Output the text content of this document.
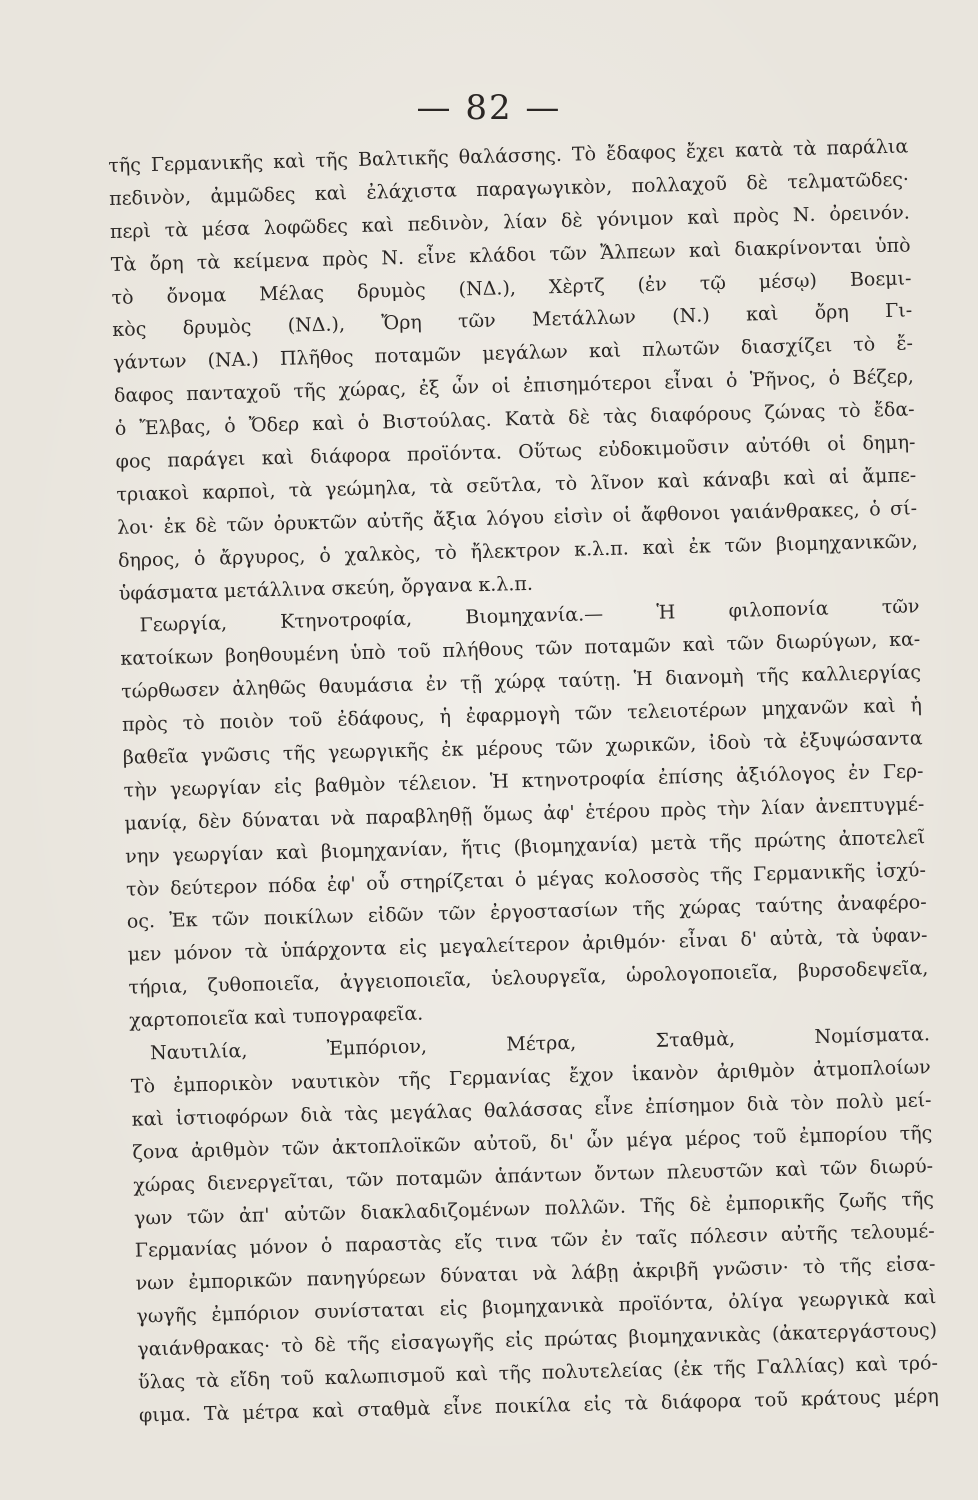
— 82 —
τῆς Γερμανικῆς καὶ τῆς Βαλτικῆς θαλάσσης. Τὸ ἔδαφος ἔχει κατὰ τὰ παράλια
πεδινὸν, ἀμμῶδες καὶ ἐλάχιστα παραγωγικὸν, πολλαχοῦ δὲ τελματῶδες·
περὶ τὰ μέσα λοφῶδες καὶ πεδινὸν, λίαν δὲ γόνιμον καὶ πρὸς Ν. ὀρεινόν.
Τὰ ὄρη τὰ κείμενα πρὸς Ν. εἶνε κλάδοι τῶν Ἄλπεων καὶ διακρίνονται ὑπὸ
τὸ ὄνομα Μέλας δρυμὸς (ΝΔ.), Χὲρτζ (ἐν τῷ μέσῳ) Βοεμι-
κὸς δρυμὸς (ΝΔ.), Ὄρη τῶν Μετάλλων (Ν.) καὶ ὄρη Γι-
γάντων (ΝΑ.) Πλῆθος ποταμῶν μεγάλων καὶ πλωτῶν διασχίζει τὸ ἔ-
δαφος πανταχοῦ τῆς χώρας, ἐξ ὧν οἱ ἐπισημότεροι εἶναι ὁ Ῥῆνος, ὁ Βέζερ,
ὁ Ἔλβας, ὁ Ὄδερ καὶ ὁ Βιστούλας. Κατὰ δὲ τὰς διαφόρους ζώνας τὸ ἔδα-
φος παράγει καὶ διάφορα προϊόντα. Οὕτως εὐδοκιμοῦσιν αὐτόθι οἱ δημη-
τριακοὶ καρποὶ, τὰ γεώμηλα, τὰ σεῦτλα, τὸ λῖνον καὶ κάναβι καὶ αἱ ἄμπε-
λοι· ἐκ δὲ τῶν ὀρυκτῶν αὐτῆς ἄξια λόγου εἰσὶν οἱ ἄφθονοι γαιάνθρακες, ὁ σί-
δηρος, ὁ ἄργυρος, ὁ χαλκὸς, τὸ ἤλεκτρον κ.λ.π. καὶ ἐκ τῶν βιομηχανικῶν,
ὑφάσματα μετάλλινα σκεύη, ὄργανα κ.λ.π.
Γεωργία, Κτηνοτροφία, Βιομηχανία.— Ἡ φιλοπονία τῶν
κατοίκων βοηθουμένη ὑπὸ τοῦ πλήθους τῶν ποταμῶν καὶ τῶν διωρύγων, κα-
τώρθωσεν ἀληθῶς θαυμάσια ἐν τῇ χώρᾳ ταύτῃ. Ἡ διανομὴ τῆς καλλιεργίας
πρὸς τὸ ποιὸν τοῦ ἐδάφους, ἡ ἐφαρμογὴ τῶν τελειοτέρων μηχανῶν καὶ ἡ
βαθεῖα γνῶσις τῆς γεωργικῆς ἐκ μέρους τῶν χωρικῶν, ἰδοὺ τὰ ἐξυψώσαντα
τὴν γεωργίαν εἰς βαθμὸν τέλειον. Ἡ κτηνοτροφία ἐπίσης ἀξιόλογος ἐν Γερ-
μανίᾳ, δὲν δύναται νὰ παραβληθῇ ὅμως ἀφ' ἑτέρου πρὸς τὴν λίαν ἀνεπτυγμέ-
νην γεωργίαν καὶ βιομηχανίαν, ἥτις (βιομηχανία) μετὰ τῆς πρώτης ἀποτελεῖ
τὸν δεύτερον πόδα ἐφ' οὗ στηρίζεται ὁ μέγας κολοσσὸς τῆς Γερμανικῆς ἰσχύ-
ος. Ἐκ τῶν ποικίλων εἰδῶν τῶν ἐργοστασίων τῆς χώρας ταύτης ἀναφέρο-
μεν μόνον τὰ ὑπάρχοντα εἰς μεγαλείτερον ἀριθμόν· εἶναι δ' αὐτὰ, τὰ ὑφαν-
τήρια, ζυθοποιεῖα, ἀγγειοποιεῖα, ὑελουργεῖα, ὡρολογοποιεῖα, βυρσοδεψεῖα,
χαρτοποιεῖα καὶ τυπογραφεῖα.
Ναυτιλία, Ἐμπόριον, Μέτρα, Σταθμὰ, Νομίσματα.
Τὸ ἐμπορικὸν ναυτικὸν τῆς Γερμανίας ἔχον ἱκανὸν ἀριθμὸν ἀτμοπλοίων
καὶ ἱστιοφόρων διὰ τὰς μεγάλας θαλάσσας εἶνε ἐπίσημον διὰ τὸν πολὺ μεί-
ζονα ἀριθμὸν τῶν ἀκτοπλοϊκῶν αὐτοῦ, δι' ὧν μέγα μέρος τοῦ ἐμπορίου τῆς
χώρας διενεργεῖται, τῶν ποταμῶν ἁπάντων ὄντων πλευστῶν καὶ τῶν διωρύ-
γων τῶν ἀπ' αὐτῶν διακλαδιζομένων πολλῶν. Τῆς δὲ ἐμπορικῆς ζωῆς τῆς
Γερμανίας μόνον ὁ παραστὰς εἴς τινα τῶν ἐν ταῖς πόλεσιν αὐτῆς τελουμέ-
νων ἐμπορικῶν πανηγύρεων δύναται νὰ λάβῃ ἀκριβῆ γνῶσιν· τὸ τῆς εἰσα-
γωγῆς ἐμπόριον συνίσταται εἰς βιομηχανικὰ προϊόντα, ὀλίγα γεωργικὰ καὶ
γαιάνθρακας· τὸ δὲ τῆς εἰσαγωγῆς εἰς πρώτας βιομηχανικὰς (ἀκατεργάστους)
ὕλας τὰ εἴδη τοῦ καλωπισμοῦ καὶ τῆς πολυτελείας (ἐκ τῆς Γαλλίας) καὶ τρό-
φιμα. Τὰ μέτρα καὶ σταθμὰ εἶνε ποικίλα εἰς τὰ διάφορα τοῦ κράτους μέρη
